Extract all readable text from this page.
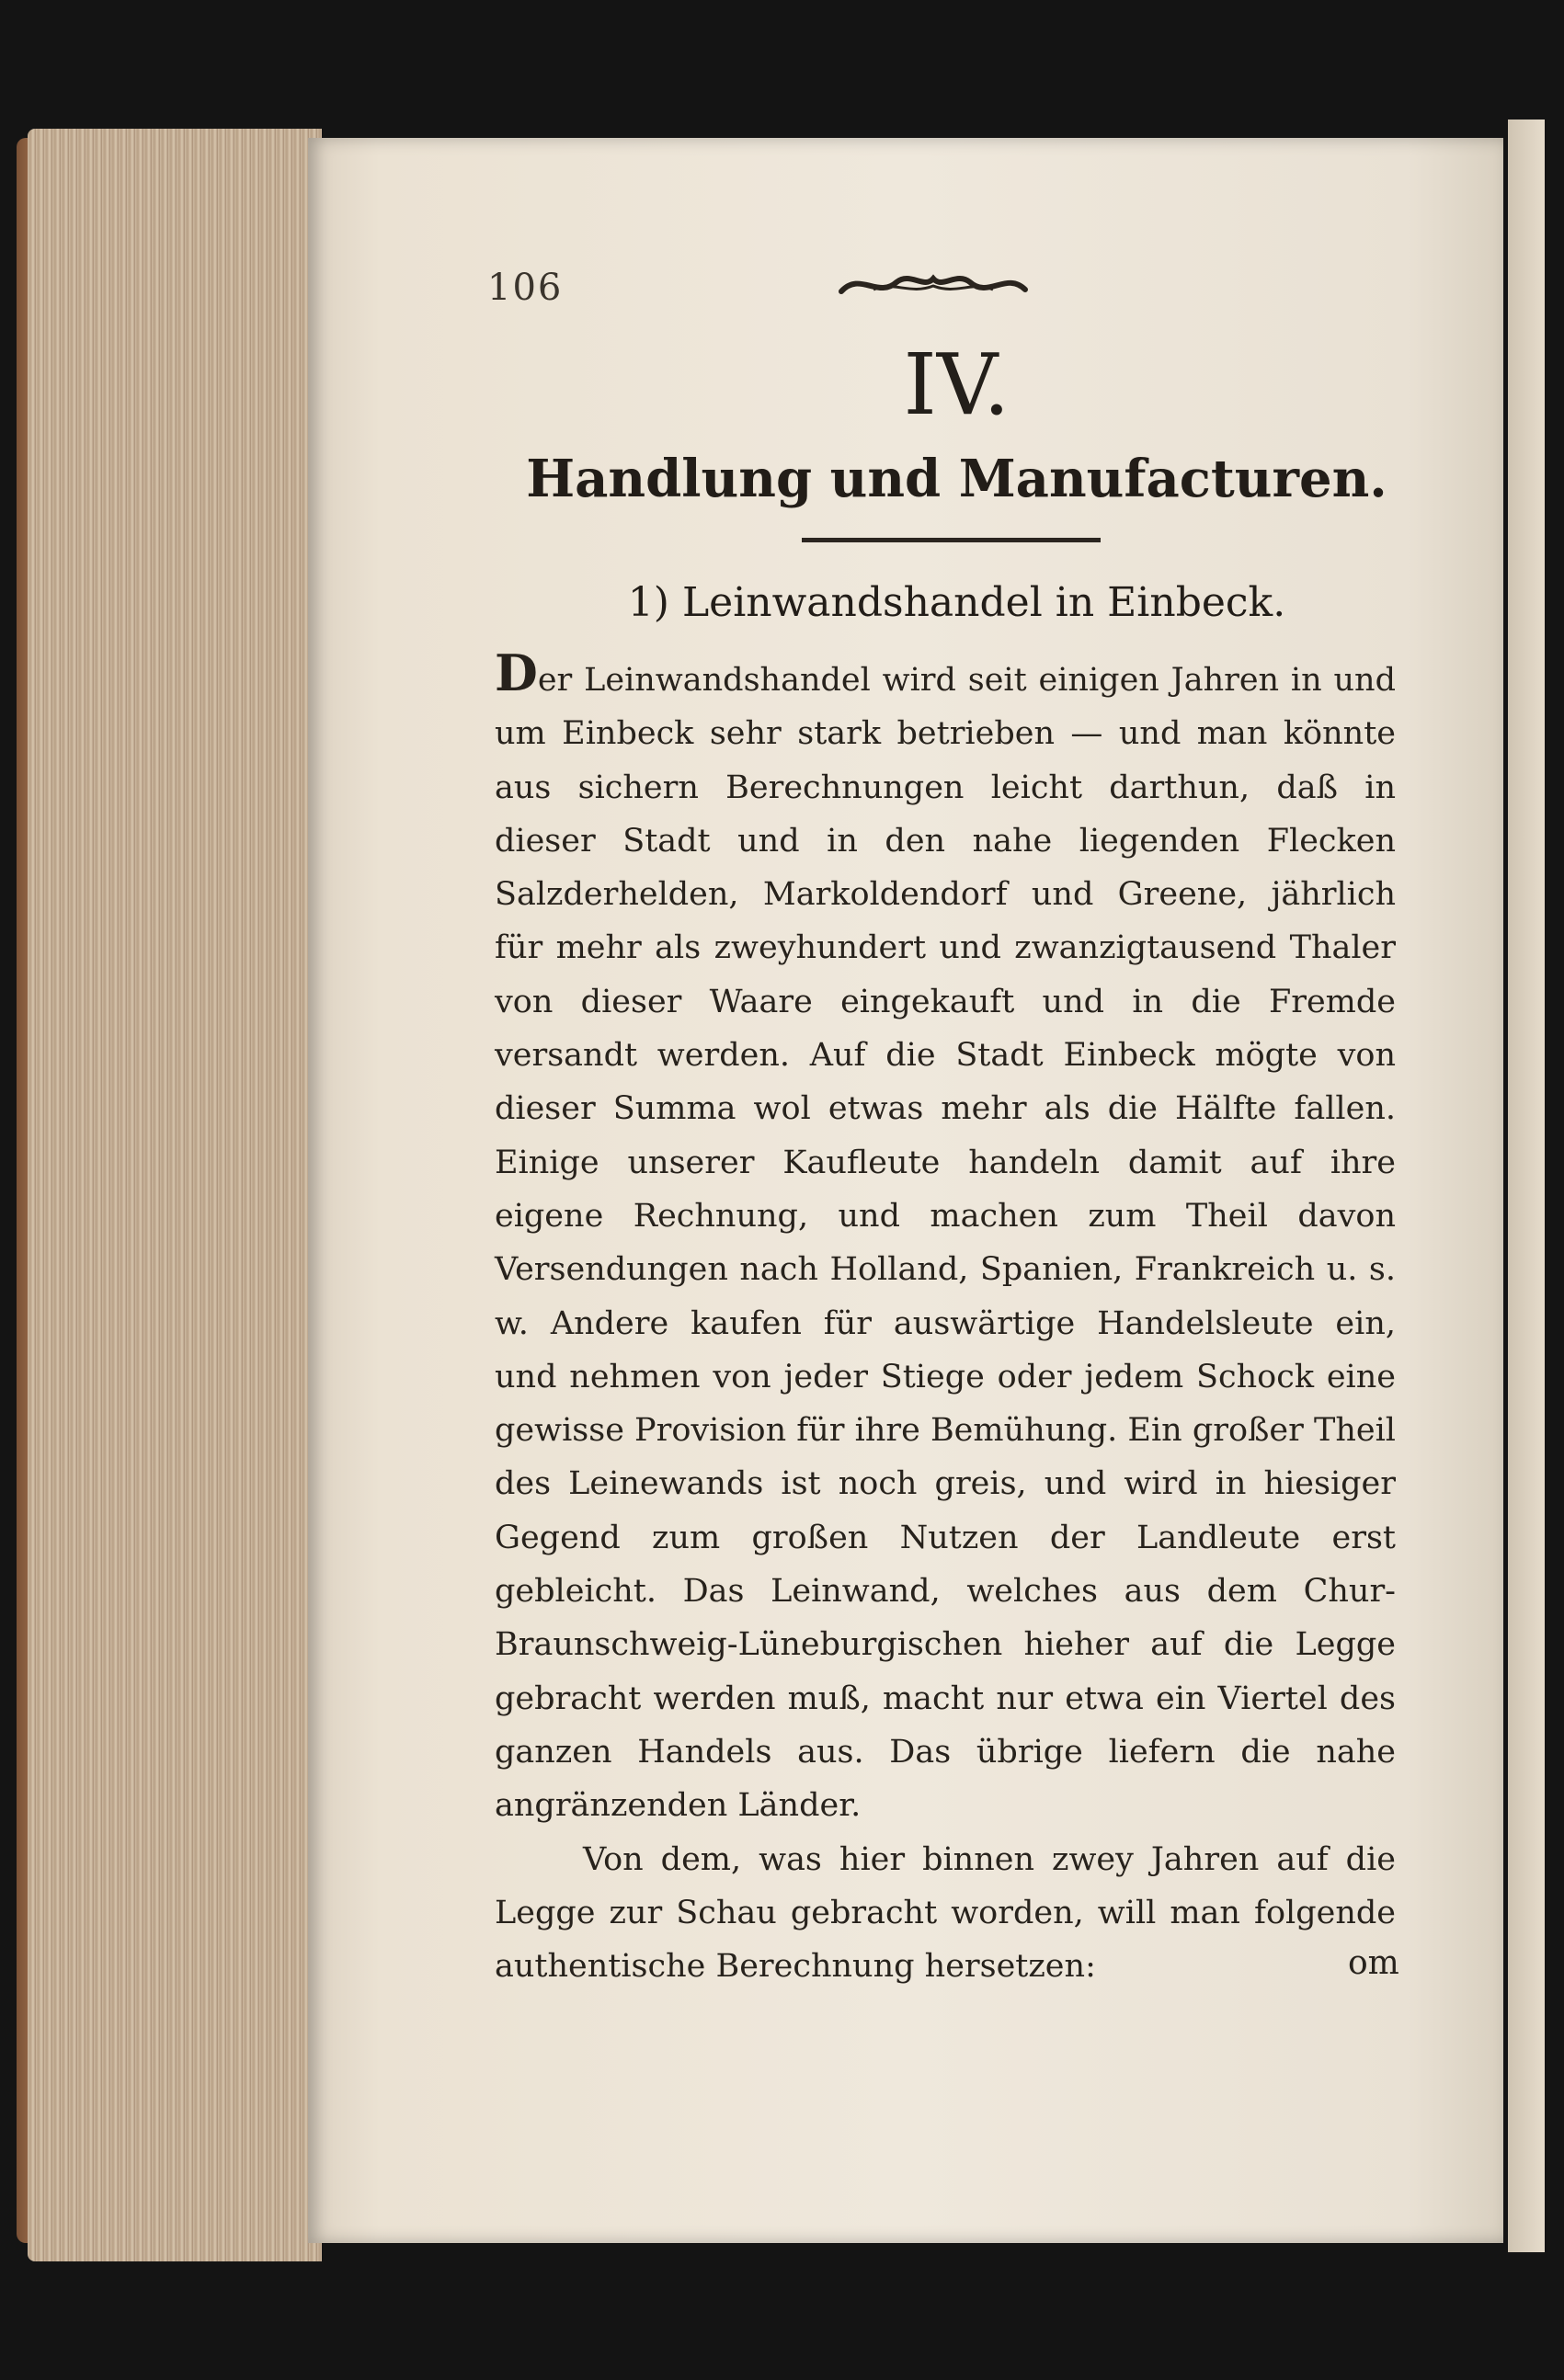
106
IV.
Handlung und Manufacturen.
1) Leinwandshandel in Einbeck.

Der Leinwandshandel wird seit einigen Jahren in und um Einbeck sehr stark betrieben — und man könnte aus sichern Berechnungen leicht darthun, daß in dieser Stadt und in den nahe liegenden Flecken Salzderhelden, Markoldendorf und Greene, jährlich für mehr als zweyhundert und zwanzigtausend Thaler von dieser Waare eingekauft und in die Fremde versandt werden. Auf die Stadt Einbeck mögte von dieser Summa wol etwas mehr als die Hälfte fallen. Einige unserer Kaufleute handeln damit auf ihre eigene Rechnung, und machen zum Theil davon Versendungen nach Holland, Spanien, Frankreich u. s. w. Andere kaufen für auswärtige Handelsleute ein, und nehmen von jeder Stiege oder jedem Schock eine gewisse Provision für ihre Bemühung. Ein großer Theil des Leinewands ist noch greis, und wird in hiesiger Gegend zum großen Nutzen der Landleute erst gebleicht. Das Leinwand, welches aus dem Chur-Braunschweig-Lüneburgischen hieher auf die Legge gebracht werden muß, macht nur etwa ein Viertel des ganzen Handels aus. Das übrige liefern die nahe angränzenden Länder.

Von dem, was hier binnen zwey Jahren auf die Legge zur Schau gebracht worden, will man folgende authentische Berechnung hersetzen:	om
